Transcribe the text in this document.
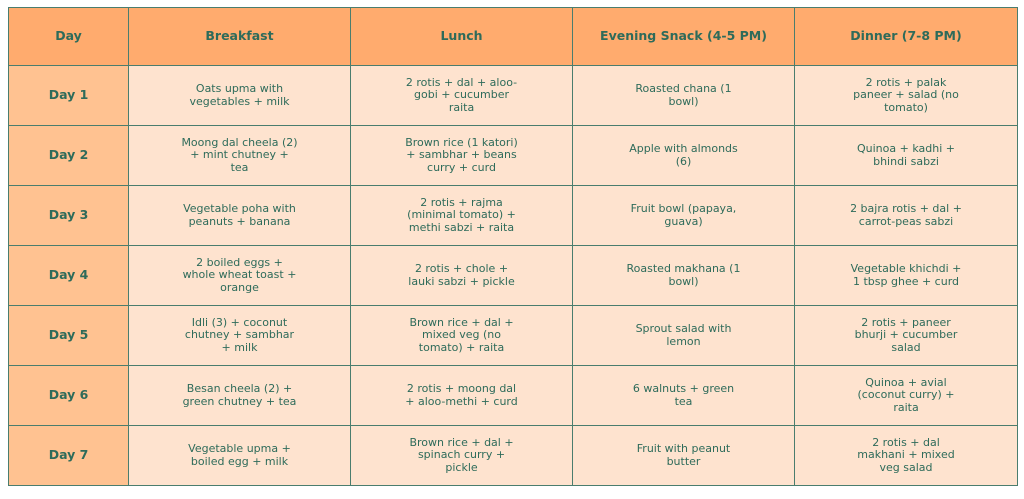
Day	Breakfast	Lunch	Evening Snack (4-5 PM)	Dinner (7-8 PM)
Day 1	Oats upma with vegetables + milk	2 rotis + dal + aloo-gobi + cucumber raita	Roasted chana (1 bowl)	2 rotis + palak paneer + salad (no tomato)
Day 2	Moong dal cheela (2) + mint chutney + tea	Brown rice (1 katori) + sambhar + beans curry + curd	Apple with almonds (6)	Quinoa + kadhi + bhindi sabzi
Day 3	Vegetable poha with peanuts + banana	2 rotis + rajma (minimal tomato) + methi sabzi + raita	Fruit bowl (papaya, guava)	2 bajra rotis + dal + carrot-peas sabzi
Day 4	2 boiled eggs + whole wheat toast + orange	2 rotis + chole + lauki sabzi + pickle	Roasted makhana (1 bowl)	Vegetable khichdi + 1 tbsp ghee + curd
Day 5	Idli (3) + coconut chutney + sambhar + milk	Brown rice + dal + mixed veg (no tomato) + raita	Sprout salad with lemon	2 rotis + paneer bhurji + cucumber salad
Day 6	Besan cheela (2) + green chutney + tea	2 rotis + moong dal + aloo-methi + curd	6 walnuts + green tea	Quinoa + avial (coconut curry) + raita
Day 7	Vegetable upma + boiled egg + milk	Brown rice + dal + spinach curry + pickle	Fruit with peanut butter	2 rotis + dal makhani + mixed veg salad
